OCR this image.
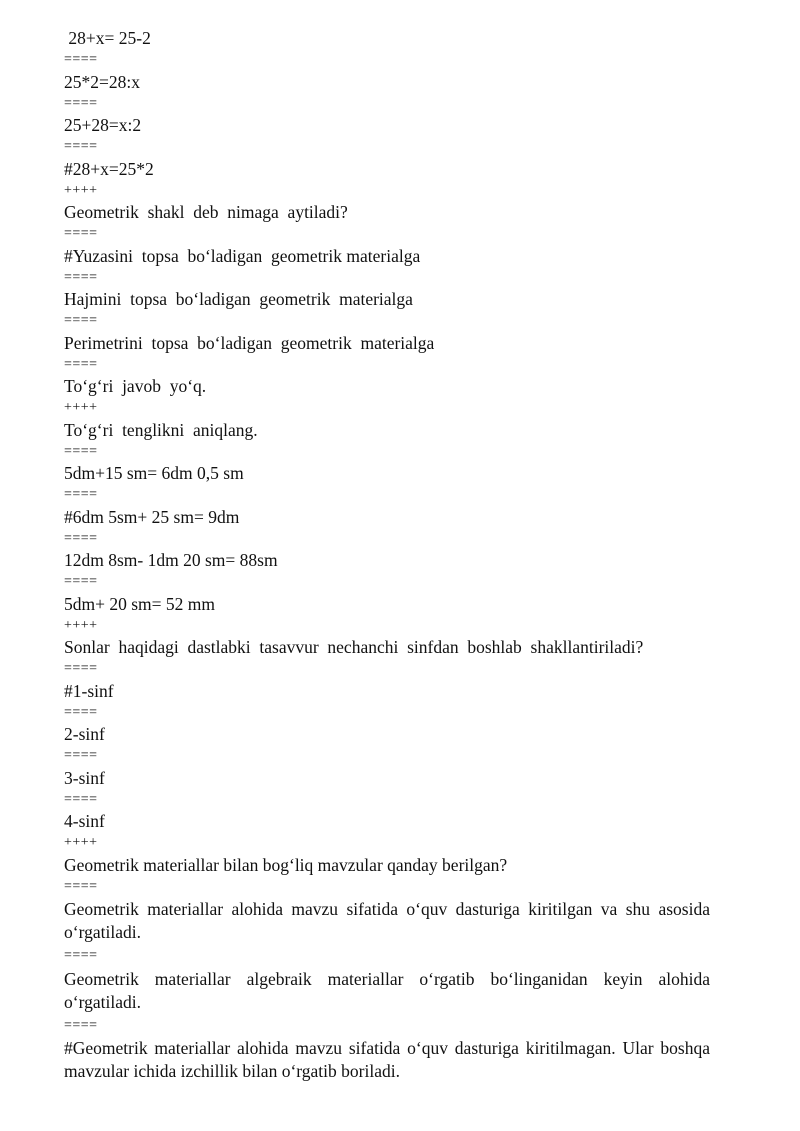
28+x= 25-2
====
25*2=28:x
====
25+28=x:2
====
#28+x=25*2
++++
Geometrik  shakl  deb  nimaga  aytiladi?
====
#Yuzasini  topsa  bo‘ladigan  geometrik materialga
====
Hajmini  topsa  bo‘ladigan  geometrik  materialga
====
Perimetrini  topsa  bo‘ladigan  geometrik  materialga
====
To‘g‘ri  javob  yo‘q.
++++
To‘g‘ri  tenglikni  aniqlang.
====
5dm+15 sm= 6dm 0,5 sm
====
#6dm 5sm+ 25 sm= 9dm
====
12dm 8sm- 1dm 20 sm= 88sm
====
5dm+ 20 sm= 52 mm
++++
Sonlar  haqidagi  dastlabki  tasavvur  nechanchi  sinfdan  boshlab  shakllantiriladi?
====
#1-sinf
====
2-sinf
====
3-sinf
====
4-sinf
++++
Geometrik materiallar bilan bog‘liq mavzular qanday berilgan?
====
Geometrik materiallar alohida mavzu sifatida o‘quv dasturiga kiritilgan va shu asosida o‘rgatiladi.
====
Geometrik materiallar algebraik materiallar o‘rgatib bo‘linganidan keyin alohida o‘rgatiladi.
====
#Geometrik materiallar alohida mavzu sifatida o‘quv dasturiga kiritilmagan. Ular boshqa mavzular ichida izchillik bilan o‘rgatib boriladi.
